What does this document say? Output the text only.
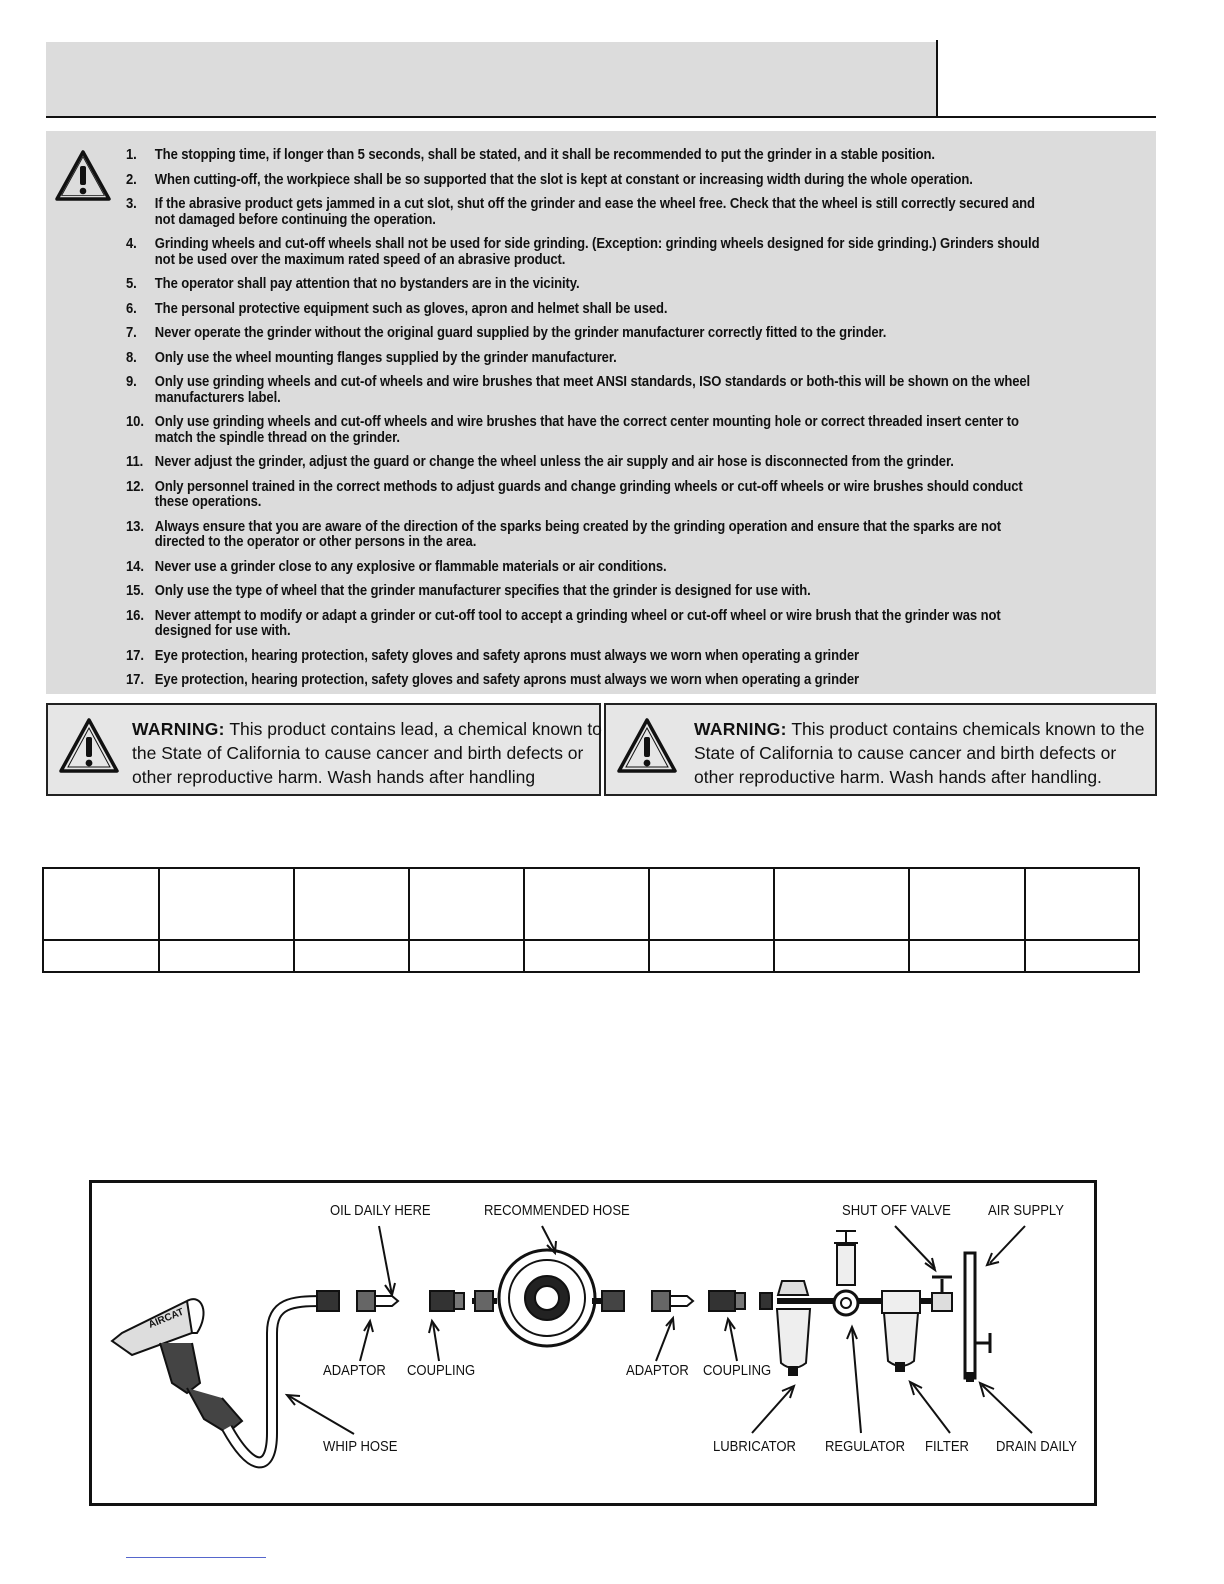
1. The stopping time, if longer than 5 seconds, shall be stated, and it shall be recommended to put the grinder in a stable position.
2. When cutting-off, the workpiece shall be so supported that the slot is kept at constant or increasing width during the whole operation.
3. If the abrasive product gets jammed in a cut slot, shut off the grinder and ease the wheel free. Check that the wheel is still correctly secured and not damaged before continuing the operation.
4. Grinding wheels and cut-off wheels shall not be used for side grinding. (Exception: grinding wheels designed for side grinding.) Grinders should not be used over the maximum rated speed of an abrasive product.
5. The operator shall pay attention that no bystanders are in the vicinity.
6. The personal protective equipment such as gloves, apron and helmet shall be used.
7. Never operate the grinder without the original guard supplied by the grinder manufacturer correctly fitted to the grinder.
8. Only use the wheel mounting flanges supplied by the grinder manufacturer.
9. Only use grinding wheels and cut-of wheels and wire brushes that meet ANSI standards, ISO standards or both-this will be shown on the wheel manufacturers label.
10. Only use grinding wheels and cut-off wheels and wire brushes that have the correct center mounting hole or correct threaded insert center to match the spindle thread on the grinder.
11. Never adjust the grinder, adjust the guard or change the wheel unless the air supply and air hose is disconnected from the grinder.
12. Only personnel trained in the correct methods to adjust guards and change grinding wheels or cut-off wheels or wire brushes should conduct these operations.
13. Always ensure that you are aware of the direction of the sparks being created by the grinding operation and ensure that the sparks are not directed to the operator or other persons in the area.
14. Never use a grinder close to any explosive or flammable materials or air conditions.
15. Only use the type of wheel that the grinder manufacturer specifies that the grinder is designed for use with.
16. Never attempt to modify or adapt a grinder or cut-off tool to accept a grinding wheel or cut-off wheel or wire brush that the grinder was not designed for use with.
17. Eye protection, hearing protection, safety gloves and safety aprons must always we worn when operating a grinder
17. Eye protection, hearing protection, safety gloves and safety aprons must always we worn when operating a grinder
WARNING: This product contains lead, a chemical known to the State of California to cause cancer and birth defects or other reproductive harm. Wash hands after handling
WARNING: This product contains chemicals known to the State of California to cause cancer and birth defects or other reproductive harm. Wash hands after handling.

AIRCAT
OIL DAILY HERE	RECOMMENDED HOSE	SHUT OFF VALVE	AIR SUPPLY
ADAPTOR COUPLING	ADAPTOR COUPLING
WHIP HOSE	LUBRICATOR REGULATOR FILTER DRAIN DAILY
